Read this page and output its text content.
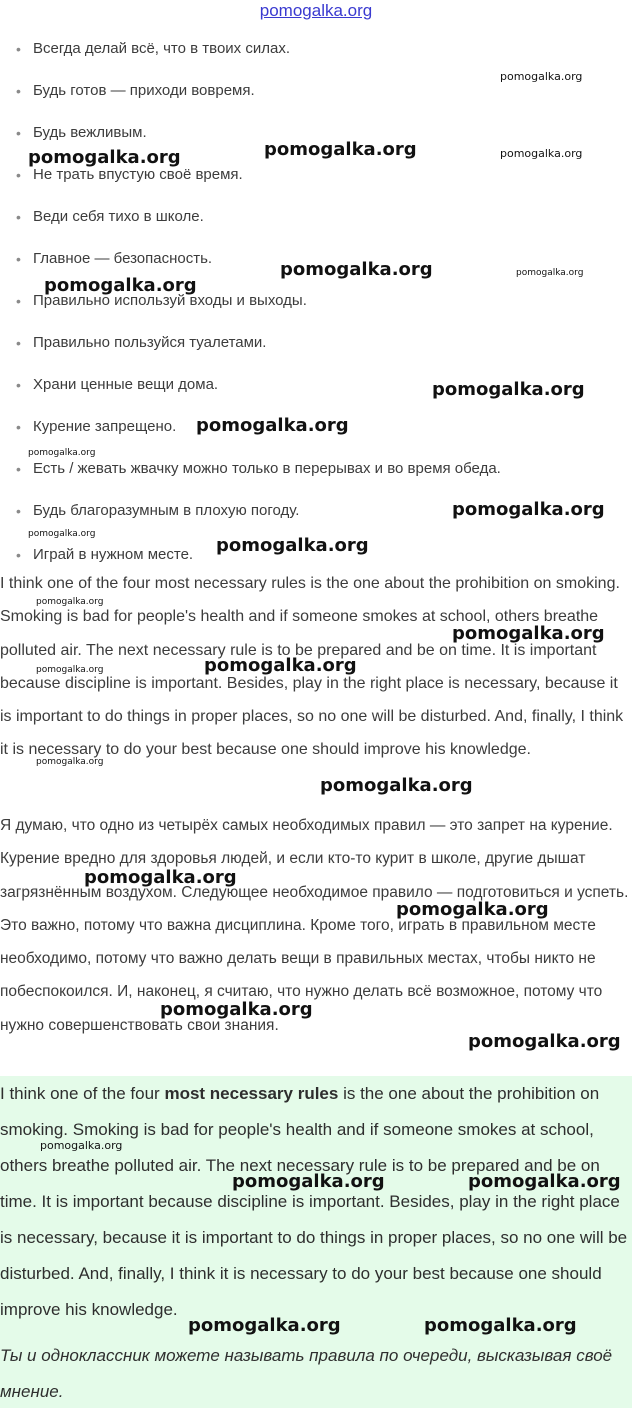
pomogalka.org
• Всегда делай всё, что в твоих силах.
• Будь готов — приходи вовремя.
• Будь вежливым.
• Не трать впустую своё время.
• Веди себя тихо в школе.
• Главное — безопасность.
• Правильно используй входы и выходы.
• Правильно пользуйся туалетами.
• Храни ценные вещи дома.
• Курение запрещено.
• Есть / жевать жвачку можно только в перерывах и во время обеда.
• Будь благоразумным в плохую погоду.
• Играй в нужном месте.

I think one of the four most necessary rules is the one about the prohibition on smoking. Smoking is bad for people's health and if someone smokes at school, others breathe polluted air. The next necessary rule is to be prepared and be on time. It is important because discipline is important. Besides, play in the right place is necessary, because it is important to do things in proper places, so no one will be disturbed. And, finally, I think it is necessary to do your best because one should improve his knowledge.

Я думаю, что одно из четырёх самых необходимых правил — это запрет на курение. Курение вредно для здоровья людей, и если кто-то курит в школе, другие дышат загрязнённым воздухом. Следующее необходимое правило — подготовиться и успеть. Это важно, потому что важна дисциплина. Кроме того, играть в правильном месте необходимо, потому что важно делать вещи в правильных местах, чтобы никто не побеспокоился. И, наконец, я считаю, что нужно делать всё возможное, потому что нужно совершенствовать свои знания.

I think one of the four most necessary rules is the one about the prohibition on smoking. Smoking is bad for people's health and if someone smokes at school, others breathe polluted air. The next necessary rule is to be prepared and be on time. It is important because discipline is important. Besides, play in the right place is necessary, because it is important to do things in proper places, so no one will be disturbed. And, finally, I think it is necessary to do your best because one should improve his knowledge.

Ты и одноклассник можете называть правила по очереди, высказывая своё мнение.

pomogalka.org
pomogalka.org	pomogalka.org	pomogalka.org
pomogalka.org	pomogalka.org
pomogalka.org
pomogalka.org
pomogalka.org
pomogalka.org
pomogalka.org
pomogalka.org
pomogalka.org
pomogalka.org
pomogalka.org
pomogalka.org
pomogalka.org
pomogalka.org
pomogalka.org
pomogalka.org
pomogalka.org
pomogalka.org
pomogalka.org
pomogalka.org
pomogalka.org	pomogalka.org
pomogalka.org	pomogalka.org
